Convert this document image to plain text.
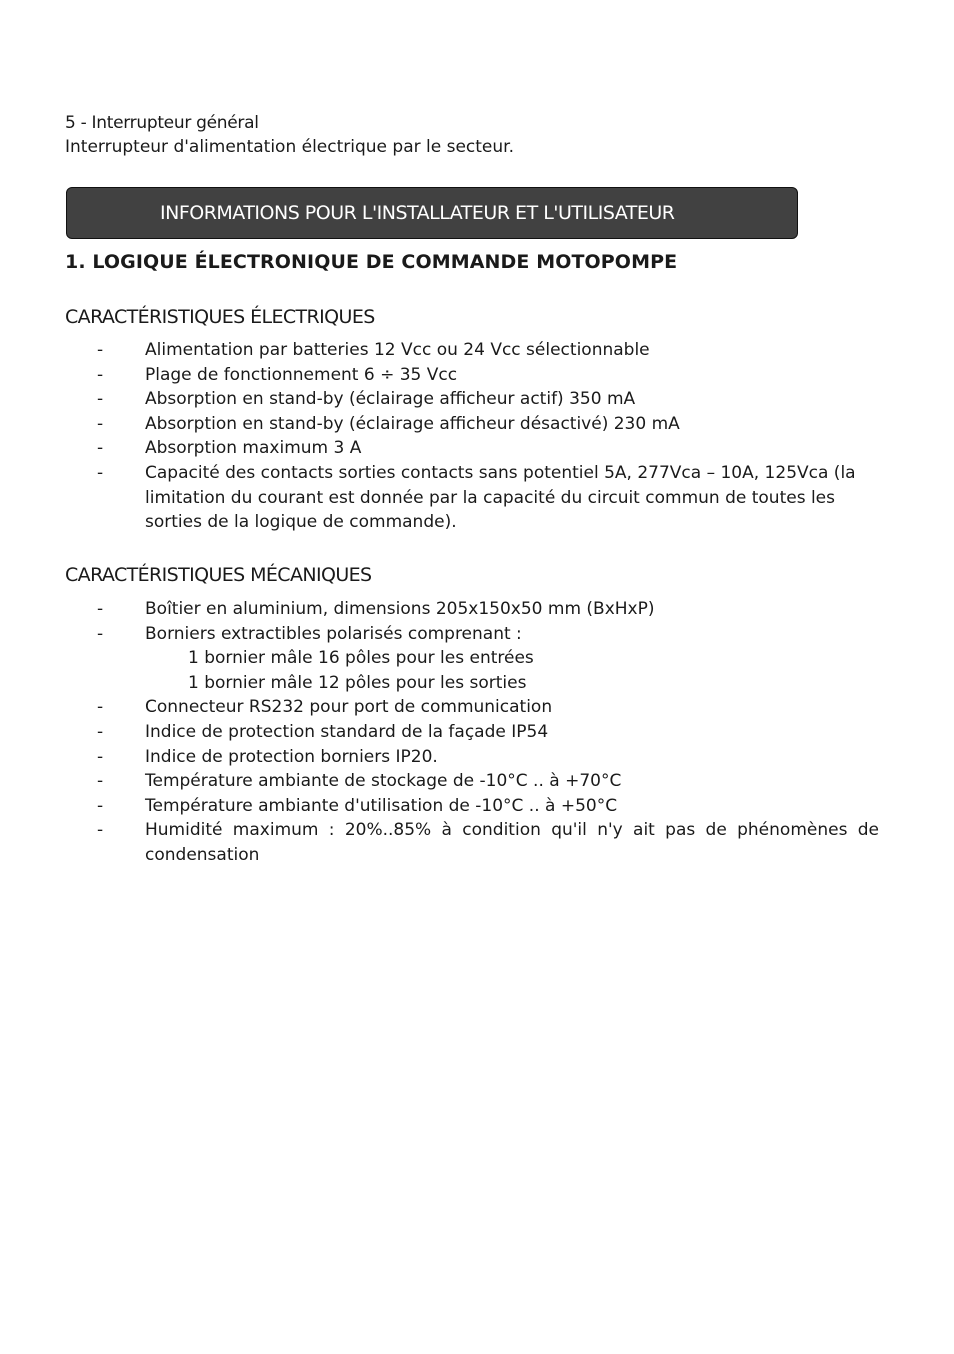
5 - Interrupteur général
Interrupteur d'alimentation électrique par le secteur.
INFORMATIONS POUR L'INSTALLATEUR ET L'UTILISATEUR
1. LOGIQUE ÉLECTRONIQUE DE COMMANDE MOTOPOMPE
CARACTÉRISTIQUES ÉLECTRIQUES
- Alimentation par batteries 12 Vcc ou 24 Vcc sélectionnable
- Plage de fonctionnement 6 ÷ 35 Vcc
- Absorption en stand-by (éclairage afficheur actif) 350 mA
- Absorption en stand-by (éclairage afficheur désactivé) 230 mA
- Absorption maximum 3 A
- Capacité des contacts sorties contacts sans potentiel 5A, 277Vca – 10A, 125Vca (la limitation du courant est donnée par la capacité du circuit commun de toutes les sorties de la logique de commande).
CARACTÉRISTIQUES MÉCANIQUES
- Boîtier en aluminium, dimensions 205x150x50 mm (BxHxP)
- Borniers extractibles polarisés comprenant :
1 bornier mâle 16 pôles pour les entrées
1 bornier mâle 12 pôles pour les sorties
- Connecteur RS232 pour port de communication
- Indice de protection standard de la façade IP54
- Indice de protection borniers IP20.
- Température ambiante de stockage de -10°C .. à +70°C
- Température ambiante d'utilisation de -10°C .. à +50°C
- Humidité maximum : 20%..85% à condition qu'il n'y ait pas de phénomènes de condensation
